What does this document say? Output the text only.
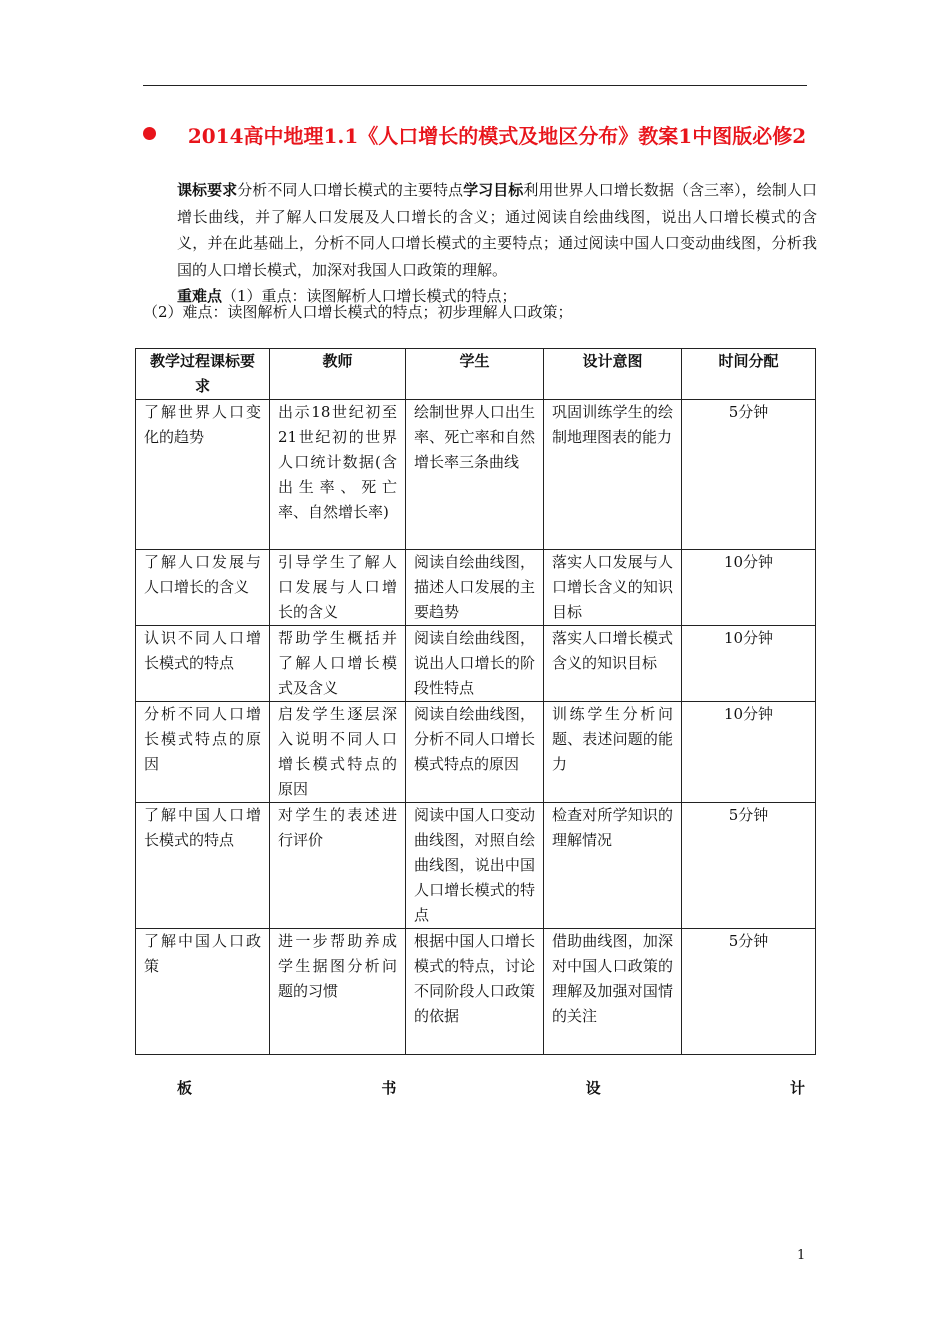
2014高中地理1.1《人口增长的模式及地区分布》教案1中图版必修2
课标要求分析不同人口增长模式的主要特点学习目标利用世界人口增长数据（含三率），绘制人口增长曲线，并了解人口发展及人口增长的含义；通过阅读自绘曲线图，说出人口增长模式的含义，并在此基础上，分析不同人口增长模式的主要特点；通过阅读中国人口变动曲线图，分析我国的人口增长模式，加深对我国人口政策的理解。
重难点（1）重点：读图解析人口增长模式的特点；
（2）难点：读图解析人口增长模式的特点；初步理解人口政策；
教学过程课标要求	教师	学生	设计意图	时间分配
了解世界人口变化的趋势	出示18世纪初至21世纪初的世界人口统计数据(含出生率、死亡率、自然增长率)	绘制世界人口出生率、死亡率和自然增长率三条曲线	巩固训练学生的绘制地理图表的能力	5分钟
了解人口发展与人口增长的含义	引导学生了解人口发展与人口增长的含义	阅读自绘曲线图，描述人口发展的主要趋势	落实人口发展与人口增长含义的知识目标	10分钟
认识不同人口增长模式的特点	帮助学生概括并了解人口增长模式及含义	阅读自绘曲线图，说出人口增长的阶段性特点	落实人口增长模式含义的知识目标	10分钟
分析不同人口增长模式特点的原因	启发学生逐层深入说明不同人口增长模式特点的原因	阅读自绘曲线图，分析不同人口增长模式特点的原因	训练学生分析问题、表述问题的能力	10分钟
了解中国人口增长模式的特点	对学生的表述进行评价	阅读中国人口变动曲线图，对照自绘曲线图，说出中国人口增长模式的特点	检查对所学知识的理解情况	5分钟
了解中国人口政策	进一步帮助养成学生据图分析问题的习惯	根据中国人口增长模式的特点，讨论不同阶段人口政策的依据	借助曲线图，加深对中国人口政策的理解及加强对国情的关注	5分钟
板	书	设	计
1
